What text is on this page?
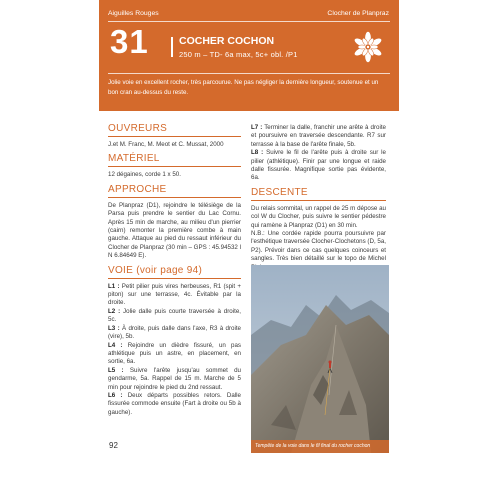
Aiguilles Rouges	Clocher de Planpraz
31	COCHER COCHON
250 m – TD- 6a max, 5c+ obl. /P1
Jolie voie en excellent rocher, très parcourue. Ne pas négliger la dernière longueur, soutenue et un bon cran au-dessus du reste.
OUVREURS
J.et M. Franc, M. Meot et C. Mussat, 2000
MATÉRIEL
12 dégaines, corde 1 x 50.
APPROCHE
De Planpraz (D1), rejoindre le télésiège de la Parsa puis prendre le sentier du Lac Cornu. Après 15 min de marche, au milieu d'un pierrier (cairn) remonter la première combe à main gauche. Attaque au pied du ressaut inférieur du Clocher de Planpraz (30 min – GPS : 45.94532 l N 6.84649 E).
VOIE (voir page 94)
L1 : Petit pilier puis vires herbeuses, R1 (spit + piton) sur une terrasse, 4c. Évitable par la droite.
L2 : Jolie dalle puis courte traversée à droite, 5c.
L3 : À droite, puis dalle dans l'axe, R3 à droite (vire), 5b.
L4 : Rejoindre un dièdre fissuré, un pas athlétique puis un astre, en placement, en sortie, 6a.
L5 : Suivre l'arête jusqu'au sommet du gendarme, 5a. Rappel de 15 m. Marche de 5 min pour rejoindre le pied du 2nd ressaut.
L6 : Deux départs possibles retors. Dalle fissurée commode ensuite (Fart à droite ou 5b à gauche).
L7 : Terminer la dalle, franchir une arête à droite et poursuivre en traversée descendante. R7 sur terrasse à la base de l'arête finale, 5b.
L8 : Suivre le fil de l'arête puis à droite sur le pilier (athlétique). Finir par une longue et raide dalle fissurée. Magnifique sortie pas évidente, 6a.
DESCENTE
Du relais sommital, un rappel de 25 m dépose au col W du Clocher, puis suivre le sentier pédestre qui ramène à Planpraz (D1) en 30 min.
N.B.: Une cordée rapide pourra poursuivre par l'esthétique traversée Clocher-Clochetons (D, 5a, P2). Prévoir dans ce cas quelques coinceurs et sangles. Très bien détaillé sur le topo de Michel
Tempête de la voie dans le fil final du rocher cochon
92
